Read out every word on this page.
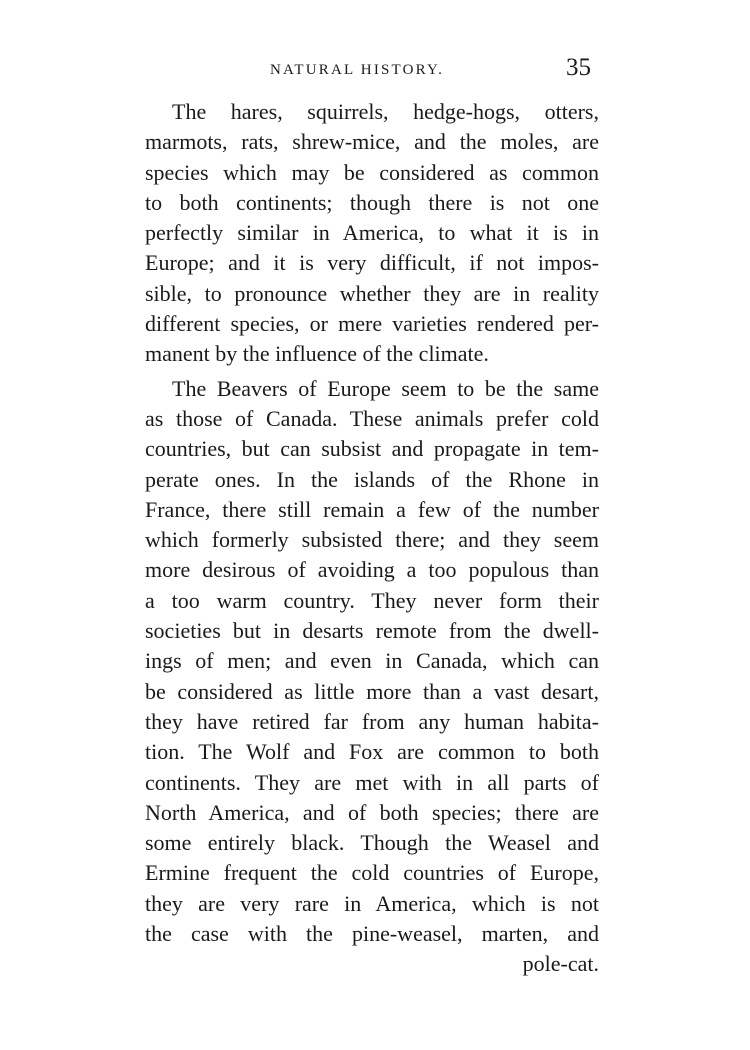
NATURAL HISTORY.	35
The hares, squirrels, hedge-hogs, otters,
marmots, rats, shrew-mice, and the moles, are
species which may be considered as common
to both continents; though there is not one
perfectly similar in America, to what it is in
Europe; and it is very difficult, if not impos-
sible, to pronounce whether they are in reality
different species, or mere varieties rendered per-
manent by the influence of the climate.
The Beavers of Europe seem to be the same
as those of Canada. These animals prefer cold
countries, but can subsist and propagate in tem-
perate ones. In the islands of the Rhone in
France, there still remain a few of the number
which formerly subsisted there; and they seem
more desirous of avoiding a too populous than
a too warm country. They never form their
societies but in desarts remote from the dwell-
ings of men; and even in Canada, which can
be considered as little more than a vast desart,
they have retired far from any human habita-
tion. The Wolf and Fox are common to both
continents. They are met with in all parts of
North America, and of both species; there are
some entirely black. Though the Weasel and
Ermine frequent the cold countries of Europe,
they are very rare in America, which is not
the case with the pine-weasel, marten, and
pole-cat.
